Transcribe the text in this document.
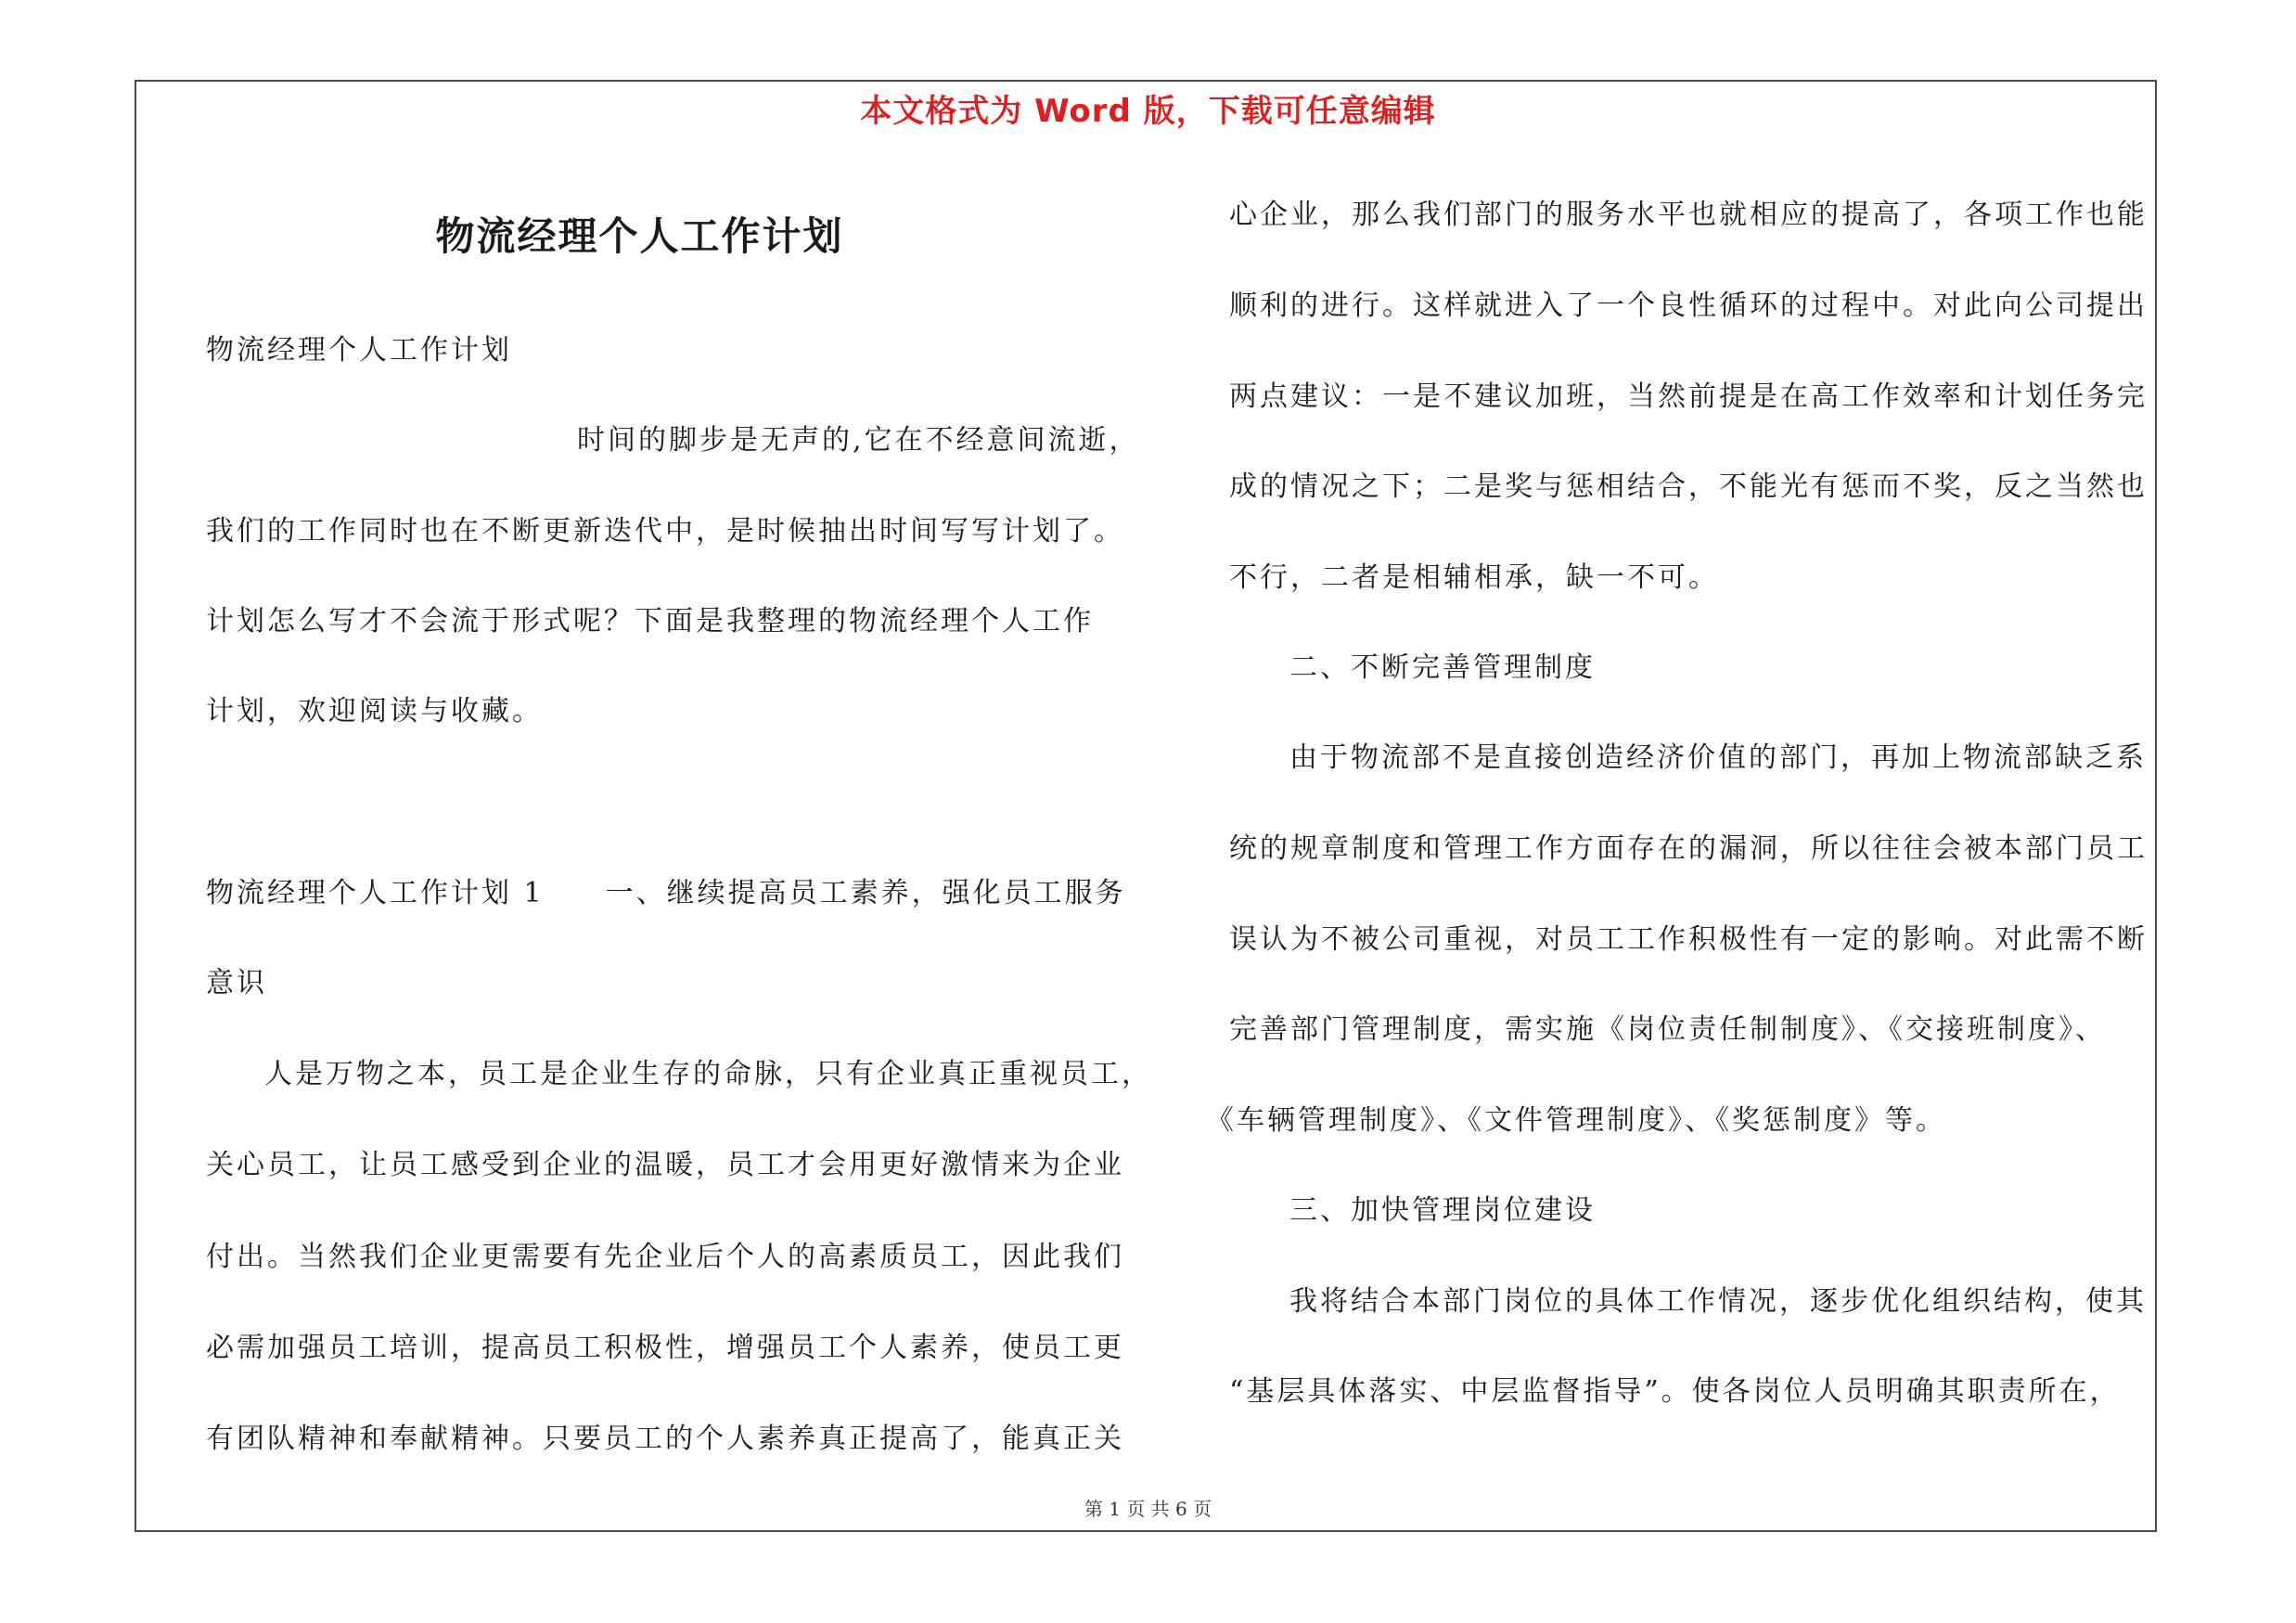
本文格式为 Word 版，下载可任意编辑
物流经理个人工作计划
第 1 页 共 6 页
物流经理个人工作计划
时间的脚步是无声的,它在不经意间流逝，
我们的工作同时也在不断更新迭代中，是时候抽出时间写写计划了。
计划怎么写才不会流于形式呢？下面是我整理的物流经理个人工作
计划，欢迎阅读与收藏。
物流经理个人工作计划 1　　一、继续提高员工素养，强化员工服务
意识
人是万物之本，员工是企业生存的命脉，只有企业真正重视员工，
关心员工，让员工感受到企业的温暖，员工才会用更好激情来为企业
付出。当然我们企业更需要有先企业后个人的高素质员工，因此我们
必需加强员工培训，提高员工积极性，增强员工个人素养，使员工更
有团队精神和奉献精神。只要员工的个人素养真正提高了，能真正关
心企业，那么我们部门的服务水平也就相应的提高了，各项工作也能
顺利的进行。这样就进入了一个良性循环的过程中。对此向公司提出
两点建议：一是不建议加班，当然前提是在高工作效率和计划任务完
成的情况之下；二是奖与惩相结合，不能光有惩而不奖，反之当然也
不行，二者是相辅相承，缺一不可。
二、不断完善管理制度
由于物流部不是直接创造经济价值的部门，再加上物流部缺乏系
统的规章制度和管理工作方面存在的漏洞，所以往往会被本部门员工
误认为不被公司重视，对员工工作积极性有一定的影响。对此需不断
完善部门管理制度，需实施《岗位责任制制度》、《交接班制度》、
《车辆管理制度》、《文件管理制度》、《奖惩制度》等。
三、加快管理岗位建设
我将结合本部门岗位的具体工作情况，逐步优化组织结构，使其
“基层具体落实、中层监督指导”。使各岗位人员明确其职责所在，
